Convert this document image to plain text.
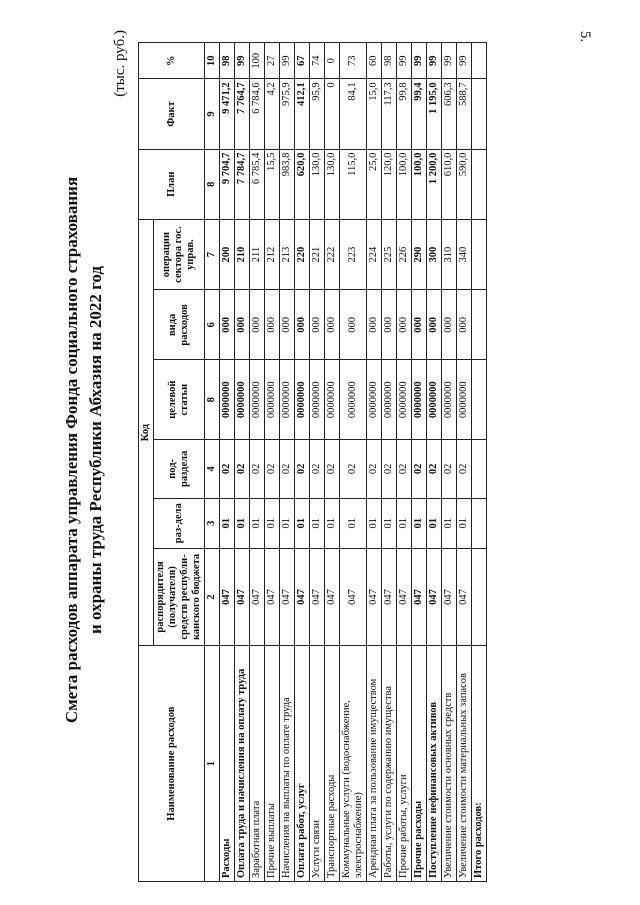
5.
Смета расходов аппарата управления Фонда социального страхования и охраны труда Республики Абхазия на 2022 год
(тыс. руб.)
Наименование расходов	Код						План	Факт	%
	распорядителя (получателя) средств республи-канского бюджета	раз-дела	под-раздела	целевой статьи	вида расходов	операции сектора гос. управ.			
1	2	3	4	8	6	7	8	9	10
Расходы	047	01	02	0000000	000	200	9 704,7	9 471,2	98
Оплата труда и начисления на оплату труда	047	01	02	0000000	000	210	7 784,7	7 764,7	99
Заработная плата	047	01	02	0000000	000	211	6 785,4	6 784,6	100
Прочие выплаты	047	01	02	0000000	000	212	15,5	4,2	27
Начисления на выплаты по оплате труда	047	01	02	0000000	000	213	983,8	975,9	99
Оплата работ, услуг	047	01	02	0000000	000	220	620,0	412,1	67
Услуги связи	047	01	02	0000000	000	221	130,0	95,9	74
Транспортные расходы	047	01	02	0000000	000	222	130,0	0	0
Коммунальные услуги (водоснабжение, электроснабжение)	047	01	02	0000000	000	223	115,0	84,1	73
Арендная плата за пользование имуществом	047	01	02	0000000	000	224	25,0	15,0	60
Работы, услуги по содержанию имущества	047	01	02	0000000	000	225	120,0	117,3	98
Прочие работы, услуги	047	01	02	0000000	000	226	100,0	99,8	99
Прочие расходы	047	01	02	0000000	000	290	100,0	99,4	99
Поступление нефинансовых активов	047	01	02	0000000	000	300	1 200,0	1 195,0	99
Увеличение стоимости основных средств	047	01	02	0000000	000	310	610,0	606,3	99
Увеличение стоимости материальных запасов	047	01	02	0000000	000	340	590,0	588,7	99
Итого расходов:									
